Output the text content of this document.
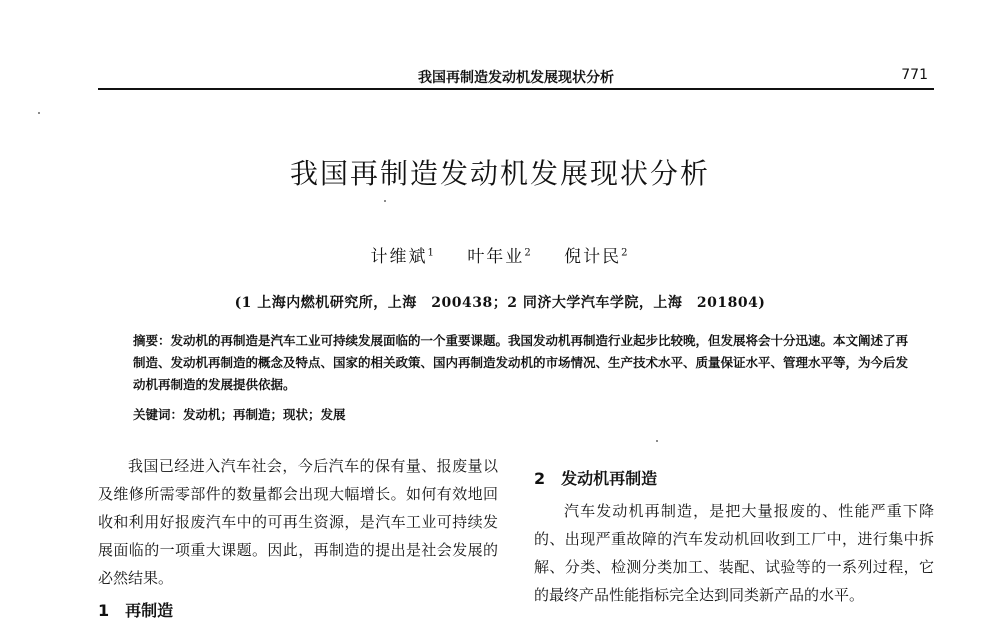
我国再制造发动机发展现状分析	771
我国再制造发动机发展现状分析
计维斌$^1$ 叶年业$^2$ 倪计民$^2$
(1 上海内燃机研究所，上海　200438；2 同济大学汽车学院，上海　201804)
摘要：发动机的再制造是汽车工业可持续发展面临的一个重要课题。我国发动机再制造行业起步比较晚，但发展将会十分迅速。本文阐述了再制造、发动机再制造的概念及特点、国家的相关政策、国内再制造发动机的市场情况、生产技术水平、质量保证水平、管理水平等，为今后发动机再制造的发展提供依据。
关键词：发动机；再制造；现状；发展

我国已经进入汽车社会，今后汽车的保有量、报废量以及维修所需零部件的数量都会出现大幅增长。如何有效地回收和利用好报废汽车中的可再生资源，是汽车工业可持续发展面临的一项重大课题。因此，再制造的提出是社会发展的必然结果。

1 再制造
2 发动机再制造

汽车发动机再制造，是把大量报废的、性能严重下降的、出现严重故障的汽车发动机回收到工厂中，进行集中拆解、分类、检测分类加工、装配、试验等的一系列过程，它的最终产品性能指标完全达到同类新产品的水平。
